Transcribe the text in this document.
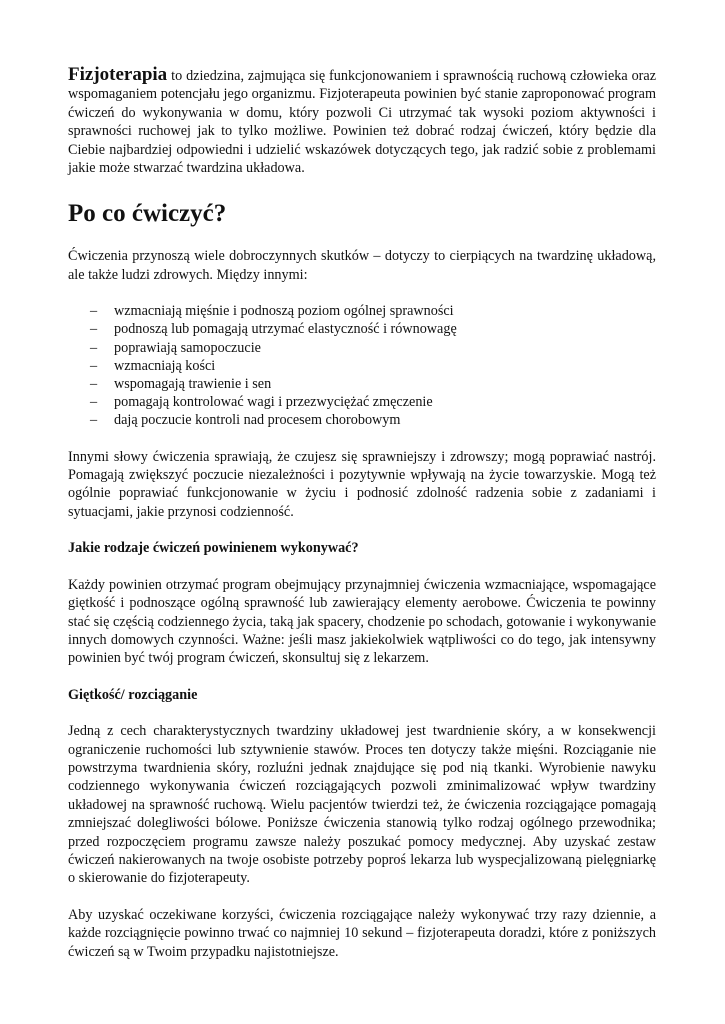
Fizjoterapia to dziedzina, zajmująca się funkcjonowaniem i sprawnością ruchową człowieka oraz wspomaganiem potencjału jego organizmu. Fizjoterapeuta powinien być stanie zaproponować program ćwiczeń do wykonywania w domu, który pozwoli Ci utrzymać tak wysoki poziom aktywności i sprawności ruchowej jak to tylko możliwe. Powinien też dobrać rodzaj ćwiczeń, który będzie dla Ciebie najbardziej odpowiedni i udzielić wskazówek dotyczących tego, jak radzić sobie z problemami jakie może stwarzać twardzina układowa.

Po co ćwiczyć?

Ćwiczenia przynoszą wiele dobroczynnych skutków – dotyczy to cierpiących na twardzinę układową, ale także ludzi zdrowych. Między innymi:

– wzmacniają mięśnie i podnoszą poziom ogólnej sprawności
– podnoszą lub pomagają utrzymać elastyczność i równowagę
– poprawiają samopoczucie
– wzmacniają kości
– wspomagają trawienie i sen
– pomagają kontrolować wagi i przezwyciężać zmęczenie
– dają poczucie kontroli nad procesem chorobowym

Innymi słowy ćwiczenia sprawiają, że czujesz się sprawniejszy i zdrowszy; mogą poprawiać nastrój. Pomagają zwiększyć poczucie niezależności i pozytywnie wpływają na życie towarzyskie. Mogą też ogólnie poprawiać funkcjonowanie w życiu i podnosić zdolność radzenia sobie z zadaniami i sytuacjami, jakie przynosi codzienność.

Jakie rodzaje ćwiczeń powinienem wykonywać?

Każdy powinien otrzymać program obejmujący przynajmniej ćwiczenia wzmacniające, wspomagające giętkość i podnoszące ogólną sprawność lub zawierający elementy aerobowe. Ćwiczenia te powinny stać się częścią codziennego życia, taką jak spacery, chodzenie po schodach, gotowanie i wykonywanie innych domowych czynności. Ważne: jeśli masz jakiekolwiek wątpliwości co do tego, jak intensywny powinien być twój program ćwiczeń, skonsultuj się z lekarzem.

Giętkość/ rozciąganie

Jedną z cech charakterystycznych twardziny układowej jest twardnienie skóry, a w konsekwencji ograniczenie ruchomości lub sztywnienie stawów. Proces ten dotyczy także mięśni. Rozciąganie nie powstrzyma twardnienia skóry, rozluźni jednak znajdujące się pod nią tkanki. Wyrobienie nawyku codziennego wykonywania ćwiczeń rozciągających pozwoli zminimalizować wpływ twardziny układowej na sprawność ruchową. Wielu pacjentów twierdzi też, że ćwiczenia rozciągające pomagają zmniejszać dolegliwości bólowe. Poniższe ćwiczenia stanowią tylko rodzaj ogólnego przewodnika; przed rozpoczęciem programu zawsze należy poszukać pomocy medycznej. Aby uzyskać zestaw ćwiczeń nakierowanych na twoje osobiste potrzeby poproś lekarza lub wyspecjalizowaną pielęgniarkę o skierowanie do fizjoterapeuty.

Aby uzyskać oczekiwane korzyści, ćwiczenia rozciągające należy wykonywać trzy razy dziennie, a każde rozciągnięcie powinno trwać co najmniej 10 sekund – fizjoterapeuta doradzi, które z poniższych ćwiczeń są w Twoim przypadku najistotniejsze.
